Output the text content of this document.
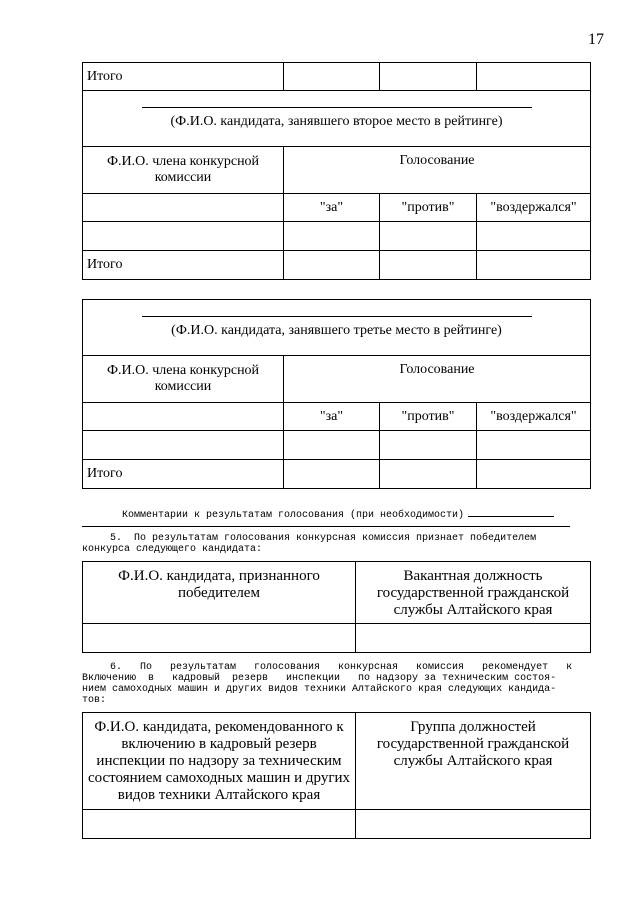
17
Итого			
(Ф.И.О. кандидата, занявшего второе место в рейтинге)			

Ф.И.О. члена конкурсной комиссии	Голосование		
	"за"	"против"	"воздержался"

Итого			
(Ф.И.О. кандидата, занявшего третье место в рейтинге)			

Ф.И.О. члена конкурсной комиссии	Голосование		
	"за"	"против"	"воздержался"

Итого			
Комментарии к результатам голосования (при необходимости)
5.  По результатам голосования конкурсная комиссия признает победителем
конкурса следующего кандидата:
Ф.И.О. кандидата, признанного победителем	Вакантная должность государственной гражданской службы Алтайского края

6.   По   результатам   голосования   конкурсная   комиссия   рекомендует   к
Включению  в   кадровый  резерв   инспекции   по надзору за техническим состоя-
нием самоходных машин и других видов техники Алтайского края следующих кандида-
тов:
Ф.И.О. кандидата, рекомендованного к включению в кадровый резерв инспекции по надзору за техническим состоянием самоходных машин и других видов техники Алтайского края	Группа должностей государственной гражданской службы Алтайского края
